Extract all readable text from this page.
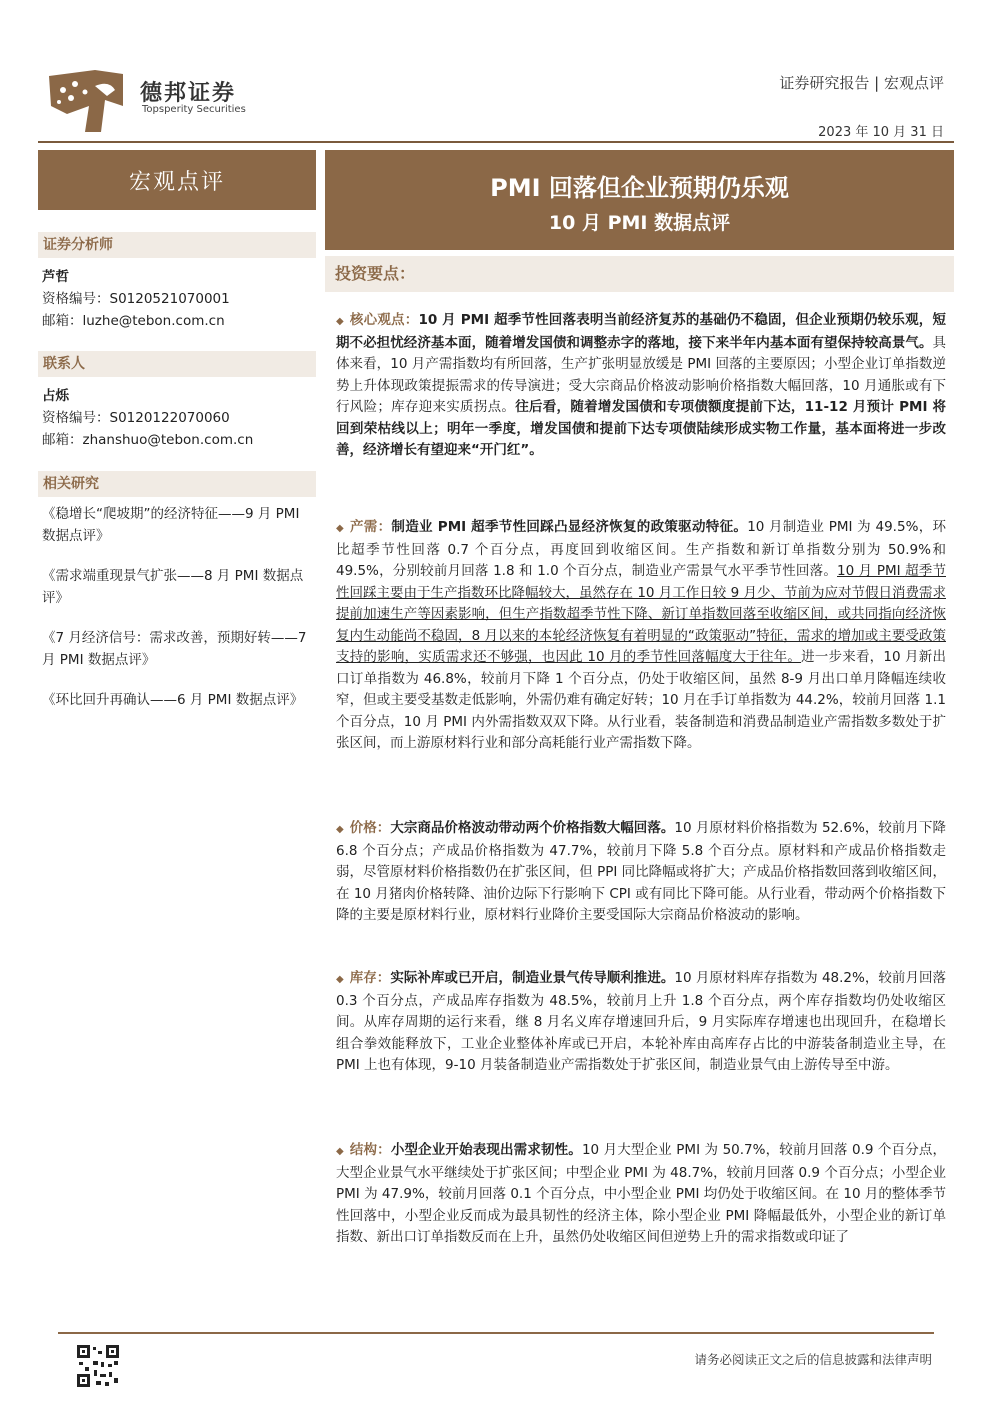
德邦证券
Topsperity Securities
证券研究报告 | 宏观点评
2023 年 10 月 31 日
宏观点评
证券分析师
芦哲
资格编号：S0120521070001
邮箱：luzhe@tebon.com.cn
联系人
占烁
资格编号：S0120122070060
邮箱：zhanshuo@tebon.com.cn
相关研究
《稳增长“爬坡期”的经济特征——9 月 PMI 数据点评》
《需求端重现景气扩张——8 月 PMI 数据点评》
《7 月经济信号：需求改善，预期好转——7 月 PMI 数据点评》
《环比回升再确认——6 月 PMI 数据点评》
PMI 回落但企业预期仍乐观
10 月 PMI 数据点评
投资要点：
◆ 核心观点：10 月 PMI 超季节性回落表明当前经济复苏的基础仍不稳固，但企业预期仍较乐观，短期不必担忧经济基本面，随着增发国债和调整赤字的落地，接下来半年内基本面有望保持较高景气。具体来看，10 月产需指数均有所回落，生产扩张明显放缓是 PMI 回落的主要原因；小型企业订单指数逆势上升体现政策提振需求的传导演进；受大宗商品价格波动影响价格指数大幅回落，10 月通胀或有下行风险；库存迎来实质拐点。往后看，随着增发国债和专项债额度提前下达，11-12 月预计 PMI 将回到荣枯线以上；明年一季度，增发国债和提前下达专项债陆续形成实物工作量，基本面将进一步改善，经济增长有望迎来“开门红”。
◆ 产需：制造业 PMI 超季节性回踩凸显经济恢复的政策驱动特征。10 月制造业 PMI 为 49.5%，环比超季节性回落 0.7 个百分点，再度回到收缩区间。生产指数和新订单指数分别为 50.9%和 49.5%，分别较前月回落 1.8 和 1.0 个百分点，制造业产需景气水平季节性回落。10 月 PMI 超季节性回踩主要由于生产指数环比降幅较大，虽然存在 10 月工作日较 9 月少、节前为应对节假日消费需求提前加速生产等因素影响，但生产指数超季节性下降、新订单指数回落至收缩区间，或共同指向经济恢复内生动能尚不稳固，8 月以来的本轮经济恢复有着明显的“政策驱动”特征，需求的增加或主要受政策支持的影响，实质需求还不够强，也因此 10 月的季节性回落幅度大于往年。进一步来看，10 月新出口订单指数为 46.8%，较前月下降 1 个百分点，仍处于收缩区间，虽然 8-9 月出口单月降幅连续收窄，但或主要受基数走低影响，外需仍难有确定好转；10 月在手订单指数为 44.2%，较前月回落 1.1 个百分点，10 月 PMI 内外需指数双双下降。从行业看，装备制造和消费品制造业产需指数多数处于扩张区间，而上游原材料行业和部分高耗能行业产需指数下降。
◆ 价格：大宗商品价格波动带动两个价格指数大幅回落。10 月原材料价格指数为 52.6%，较前月下降 6.8 个百分点；产成品价格指数为 47.7%，较前月下降 5.8 个百分点。原材料和产成品价格指数走弱，尽管原材料价格指数仍在扩张区间，但 PPI 同比降幅或将扩大；产成品价格指数回落到收缩区间，在 10 月猪肉价格转降、油价边际下行影响下 CPI 或有同比下降可能。从行业看，带动两个价格指数下降的主要是原材料行业，原材料行业降价主要受国际大宗商品价格波动的影响。
◆ 库存：实际补库或已开启，制造业景气传导顺利推进。10 月原材料库存指数为 48.2%，较前月回落 0.3 个百分点，产成品库存指数为 48.5%，较前月上升 1.8 个百分点，两个库存指数均仍处收缩区间。从库存周期的运行来看，继 8 月名义库存增速回升后，9 月实际库存增速也出现回升，在稳增长组合拳效能释放下，工业企业整体补库或已开启，本轮补库由高库存占比的中游装备制造业主导，在 PMI 上也有体现，9-10 月装备制造业产需指数处于扩张区间，制造业景气由上游传导至中游。
◆ 结构：小型企业开始表现出需求韧性。10 月大型企业 PMI 为 50.7%，较前月回落 0.9 个百分点，大型企业景气水平继续处于扩张区间；中型企业 PMI 为 48.7%，较前月回落 0.9 个百分点；小型企业 PMI 为 47.9%，较前月回落 0.1 个百分点，中小型企业 PMI 均仍处于收缩区间。在 10 月的整体季节性回落中，小型企业反而成为最具韧性的经济主体，除小型企业 PMI 降幅最低外，小型企业的新订单指数、新出口订单指数反而在上升，虽然仍处收缩区间但逆势上升的需求指数或印证了
请务必阅读正文之后的信息披露和法律声明
